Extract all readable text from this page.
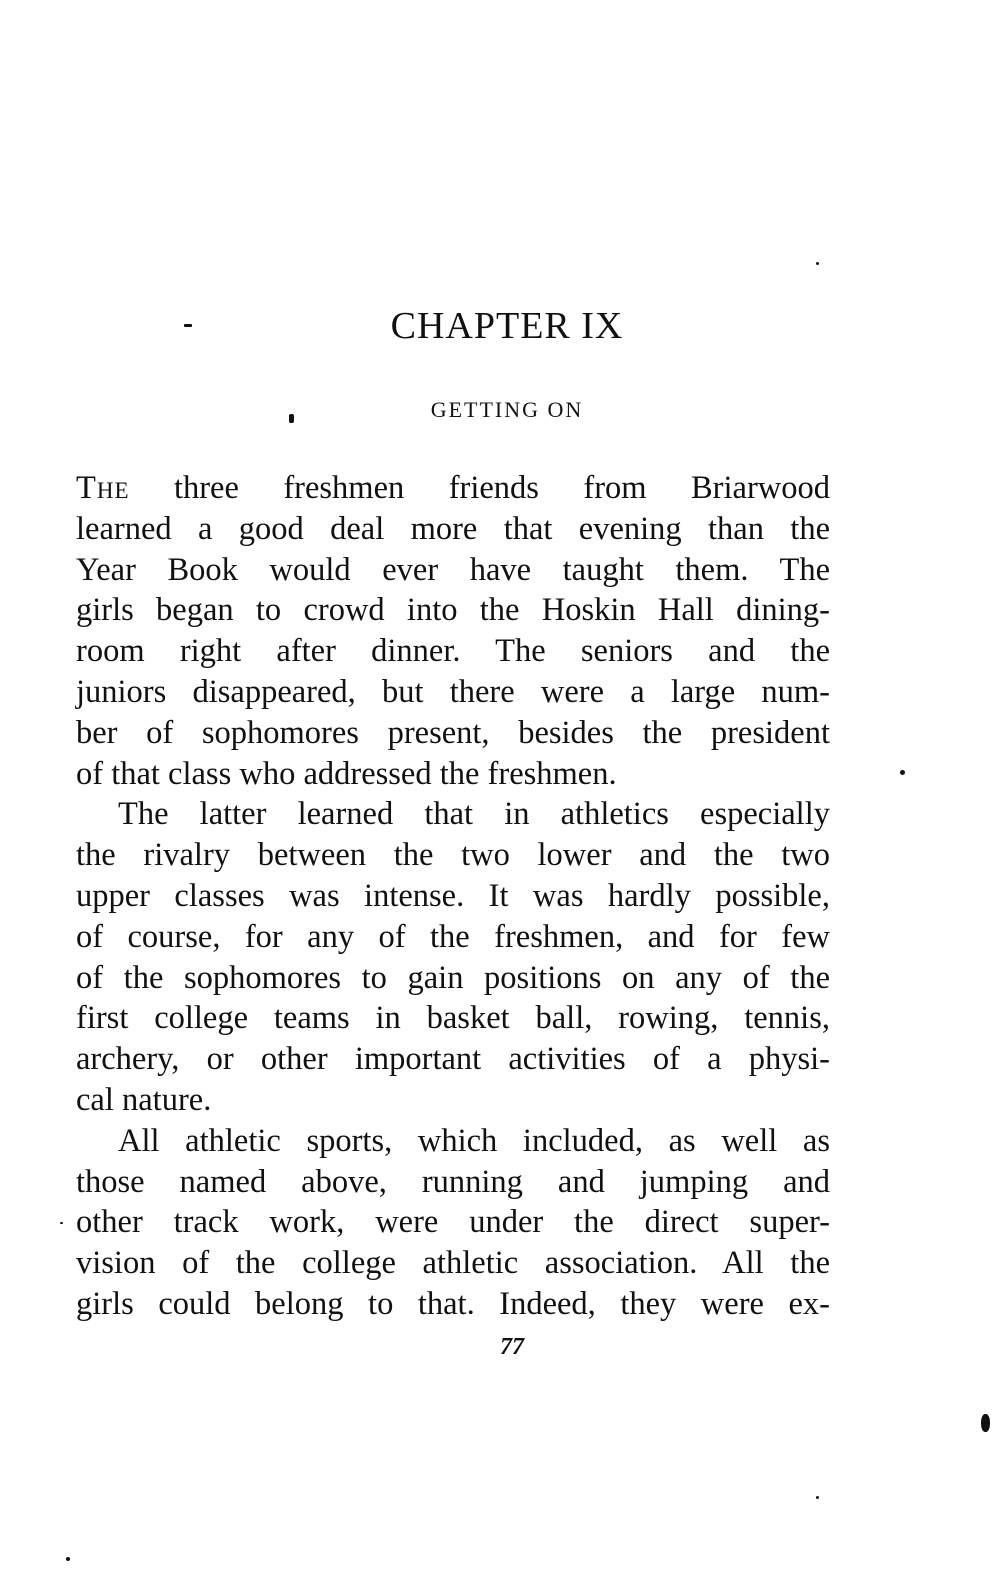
CHAPTER IX
GETTING ON
The three freshmen friends from Briarwood
learned a good deal more that evening than the
Year Book would ever have taught them. The
girls began to crowd into the Hoskin Hall dining-
room right after dinner. The seniors and the
juniors disappeared, but there were a large num-
ber of sophomores present, besides the president
of that class who addressed the freshmen.
The latter learned that in athletics especially
the rivalry between the two lower and the two
upper classes was intense. It was hardly possible,
of course, for any of the freshmen, and for few
of the sophomores to gain positions on any of the
first college teams in basket ball, rowing, tennis,
archery, or other important activities of a physi-
cal nature.
All athletic sports, which included, as well as
those named above, running and jumping and
other track work, were under the direct super-
vision of the college athletic association. All the
girls could belong to that. Indeed, they were ex-
77
